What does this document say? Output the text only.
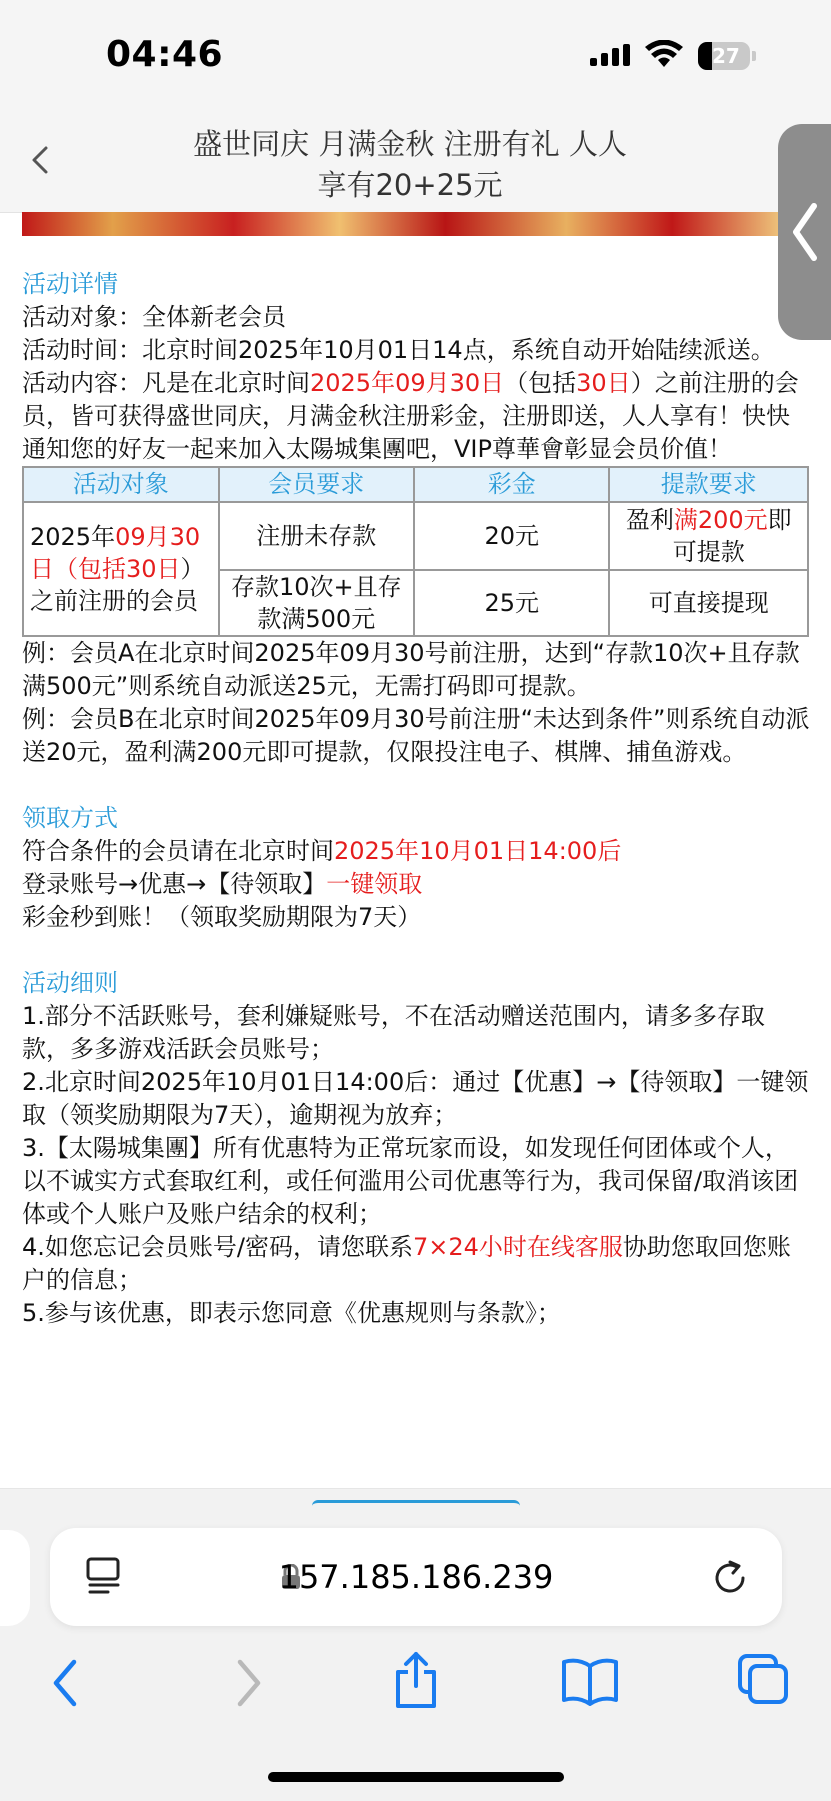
04:46	27
盛世同庆 月满金秋 注册有礼 人人
享有20+25元

活动详情

活动对象：全体新老会员

活动时间：北京时间2025年10月01日14点，系统自动开始陆续派送。

活动内容：凡是在北京时间2025年09月30日（包括30日）之前注册的会员，皆可获得盛世同庆，月满金秋注册彩金，注册即送，人人享有！快快通知您的好友一起来加入太陽城集團吧，VIP尊華會彰显会员价值！

活动对象	会员要求	彩金	提款要求
2025年09月30日（包括30日）之前注册的会员	注册未存款	20元	盈利满200元即可提款
	存款10次+且存款满500元	25元	可直接提现

例：会员A在北京时间2025年09月30号前注册，达到“存款10次+且存款满500元”则系统自动派送25元，无需打码即可提款。

例：会员B在北京时间2025年09月30号前注册“未达到条件”则系统自动派送20元，盈利满200元即可提款，仅限投注电子、棋牌、捕鱼游戏。

领取方式

符合条件的会员请在北京时间2025年10月01日14:00后

登录账号→优惠→【待领取】一键领取彩金秒到账！（领取奖励期限为7天）

活动细则

1.部分不活跃账号，套利嫌疑账号，不在活动赠送范围内，请多多存取款，多多游戏活跃会员账号；

2.北京时间2025年10月01日14:00后：通过【优惠】→【待领取】一键领取（领奖励期限为7天），逾期视为放弃；

3.【太陽城集團】所有优惠特为正常玩家而设，如发现任何团体或个人，以不诚实方式套取红利，或任何滥用公司优惠等行为，我司保留/取消该团体或个人账户及账户结余的权利；

4.如您忘记会员账号/密码，请您联系7×24小时在线客服协助您取回您账户的信息；

5.参与该优惠，即表示您同意《优惠规则与条款》；

157.185.186.239
